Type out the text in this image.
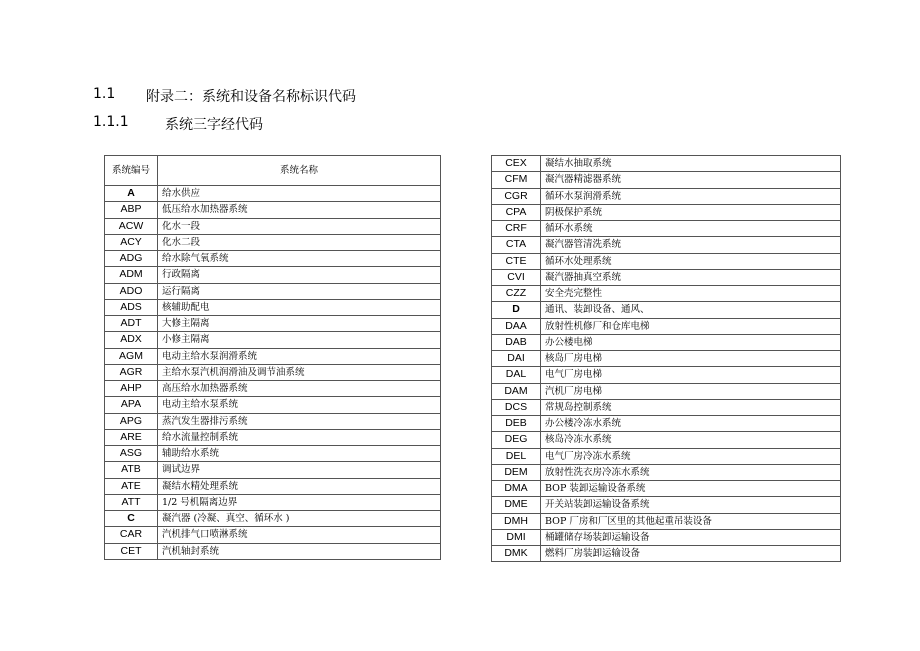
1.1 附录二：系统和设备名称标识代码
1.1.1	系统三字经代码
系统编号	系统名称
A	给水供应
ABP	低压给水加热器系统
ACW	化水一段
ACY	化水二段
ADG	给水除气氧系统
ADM	行政隔离
ADO	运行隔离
ADS	核辅助配电
ADT	大修主隔离
ADX	小修主隔离
AGM	电动主给水泵润滑系统
AGR	主给水泵汽机润滑油及调节油系统
AHP	高压给水加热器系统
APA	电动主给水泵系统
APG	蒸汽发生器排污系统
ARE	给水流量控制系统
ASG	辅助给水系统
ATB	调试边界
ATE	凝结水精处理系统
ATT	1/2 号机隔离边界
C	凝汽器 (冷凝、真空、循环水 )
CAR	汽机排气口喷淋系统
CET	汽机轴封系统
CEX	凝结水抽取系统
CFM	凝汽器精滤器系统
CGR	循环水泵润滑系统
CPA	阴极保护系统
CRF	循环水系统
CTA	凝汽器管清洗系统
CTE	循环水处理系统
CVI	凝汽器抽真空系统
CZZ	安全壳完整性
D	通讯、装卸设备、通风、
DAA	放射性机修厂和仓库电梯
DAB	办公楼电梯
DAI	核岛厂房电梯
DAL	电气厂房电梯
DAM	汽机厂房电梯
DCS	常规岛控制系统
DEB	办公楼冷冻水系统
DEG	核岛冷冻水系统
DEL	电气厂房冷冻水系统
DEM	放射性洗衣房冷冻水系统
DMA	BOP 装卸运输设备系统
DME	开关站装卸运输设备系统
DMH	BOP 厂房和厂区里的其他起重吊装设备
DMI	桶罐储存场装卸运输设备
DMK	燃料厂房装卸运输设备
